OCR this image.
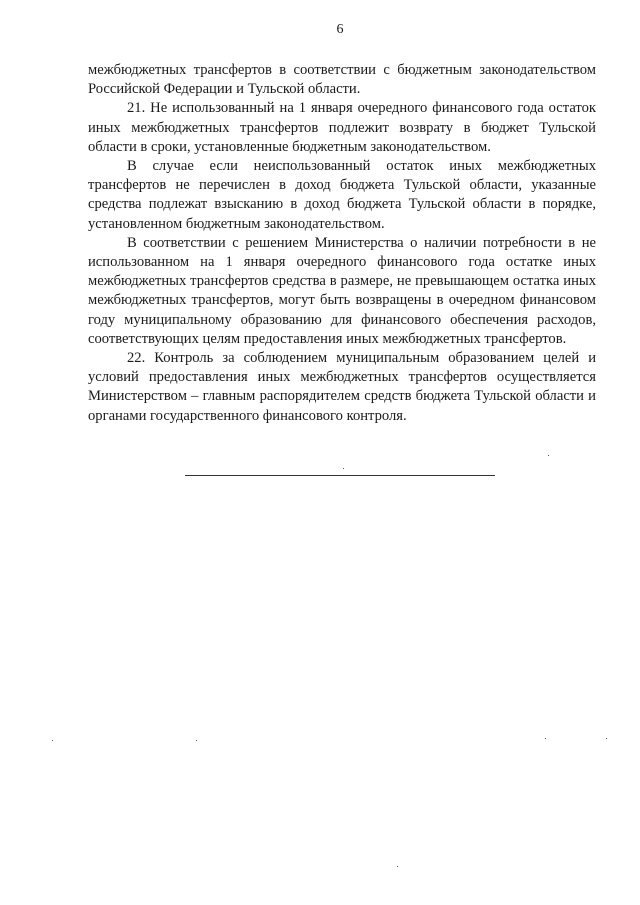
6

межбюджетных трансфертов в соответствии с бюджетным законодательством Российской Федерации и Тульской области.

21. Не использованный на 1 января очередного финансового года остаток иных межбюджетных трансфертов подлежит возврату в бюджет Тульской области в сроки, установленные бюджетным законодательством.

В случае если неиспользованный остаток иных межбюджетных трансфертов не перечислен в доход бюджета Тульской области, указанные средства подлежат взысканию в доход бюджета Тульской области в порядке, установленном бюджетным законодательством.

В соответствии с решением Министерства о наличии потребности в не использованном на 1 января очередного финансового года остатке иных межбюджетных трансфертов средства в размере, не превышающем остатка иных межбюджетных трансфертов, могут быть возвращены в очередном финансовом году муниципальному образованию для финансового обеспечения расходов, соответствующих целям предоставления иных межбюджетных трансфертов.

22. Контроль за соблюдением муниципальным образованием целей и условий предоставления иных межбюджетных трансфертов осуществляется Министерством – главным распорядителем средств бюджета Тульской области и органами государственного финансового контроля.
